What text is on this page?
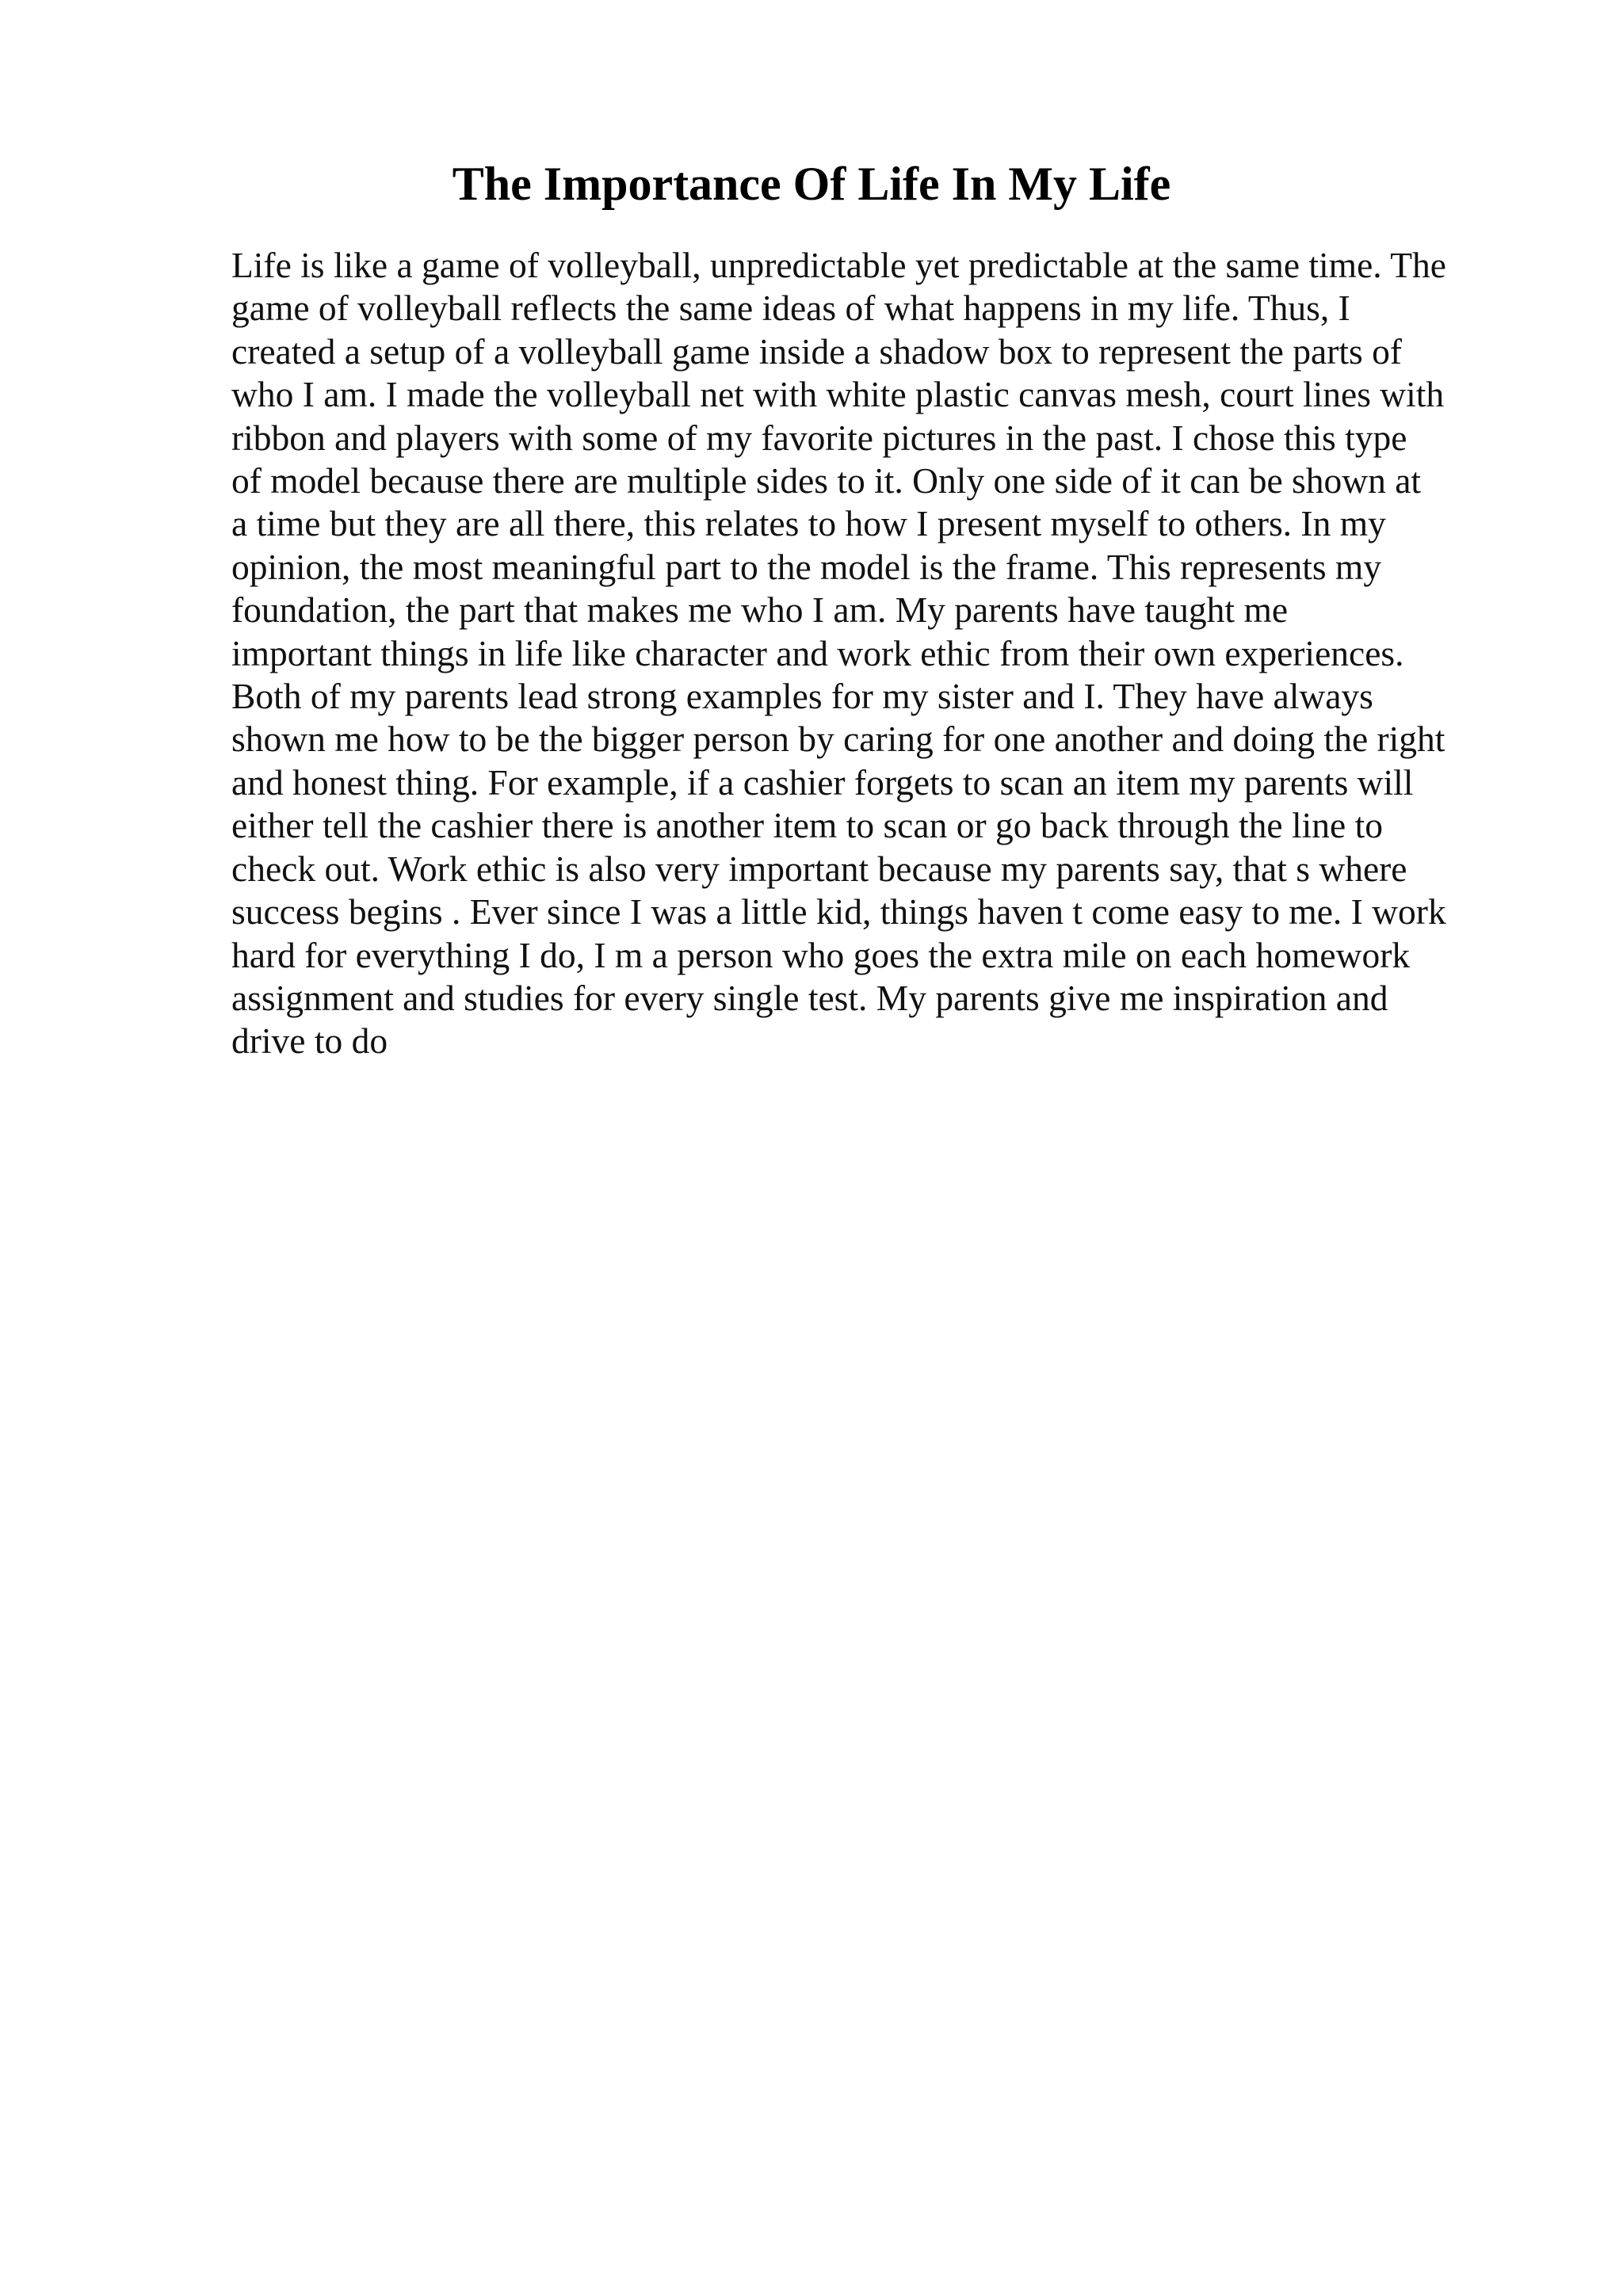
The Importance Of Life In My Life
Life is like a game of volleyball, unpredictable yet predictable at the same time. The
game of volleyball reflects the same ideas of what happens in my life. Thus, I
created a setup of a volleyball game inside a shadow box to represent the parts of
who I am. I made the volleyball net with white plastic canvas mesh, court lines with
ribbon and players with some of my favorite pictures in the past. I chose this type
of model because there are multiple sides to it. Only one side of it can be shown at
a time but they are all there, this relates to how I present myself to others. In my
opinion, the most meaningful part to the model is the frame. This represents my
foundation, the part that makes me who I am. My parents have taught me
important things in life like character and work ethic from their own experiences.
Both of my parents lead strong examples for my sister and I. They have always
shown me how to be the bigger person by caring for one another and doing the right
and honest thing. For example, if a cashier forgets to scan an item my parents will
either tell the cashier there is another item to scan or go back through the line to
check out. Work ethic is also very important because my parents say, that s where
success begins . Ever since I was a little kid, things haven t come easy to me. I work
hard for everything I do, I m a person who goes the extra mile on each homework
assignment and studies for every single test. My parents give me inspiration and
drive to do
